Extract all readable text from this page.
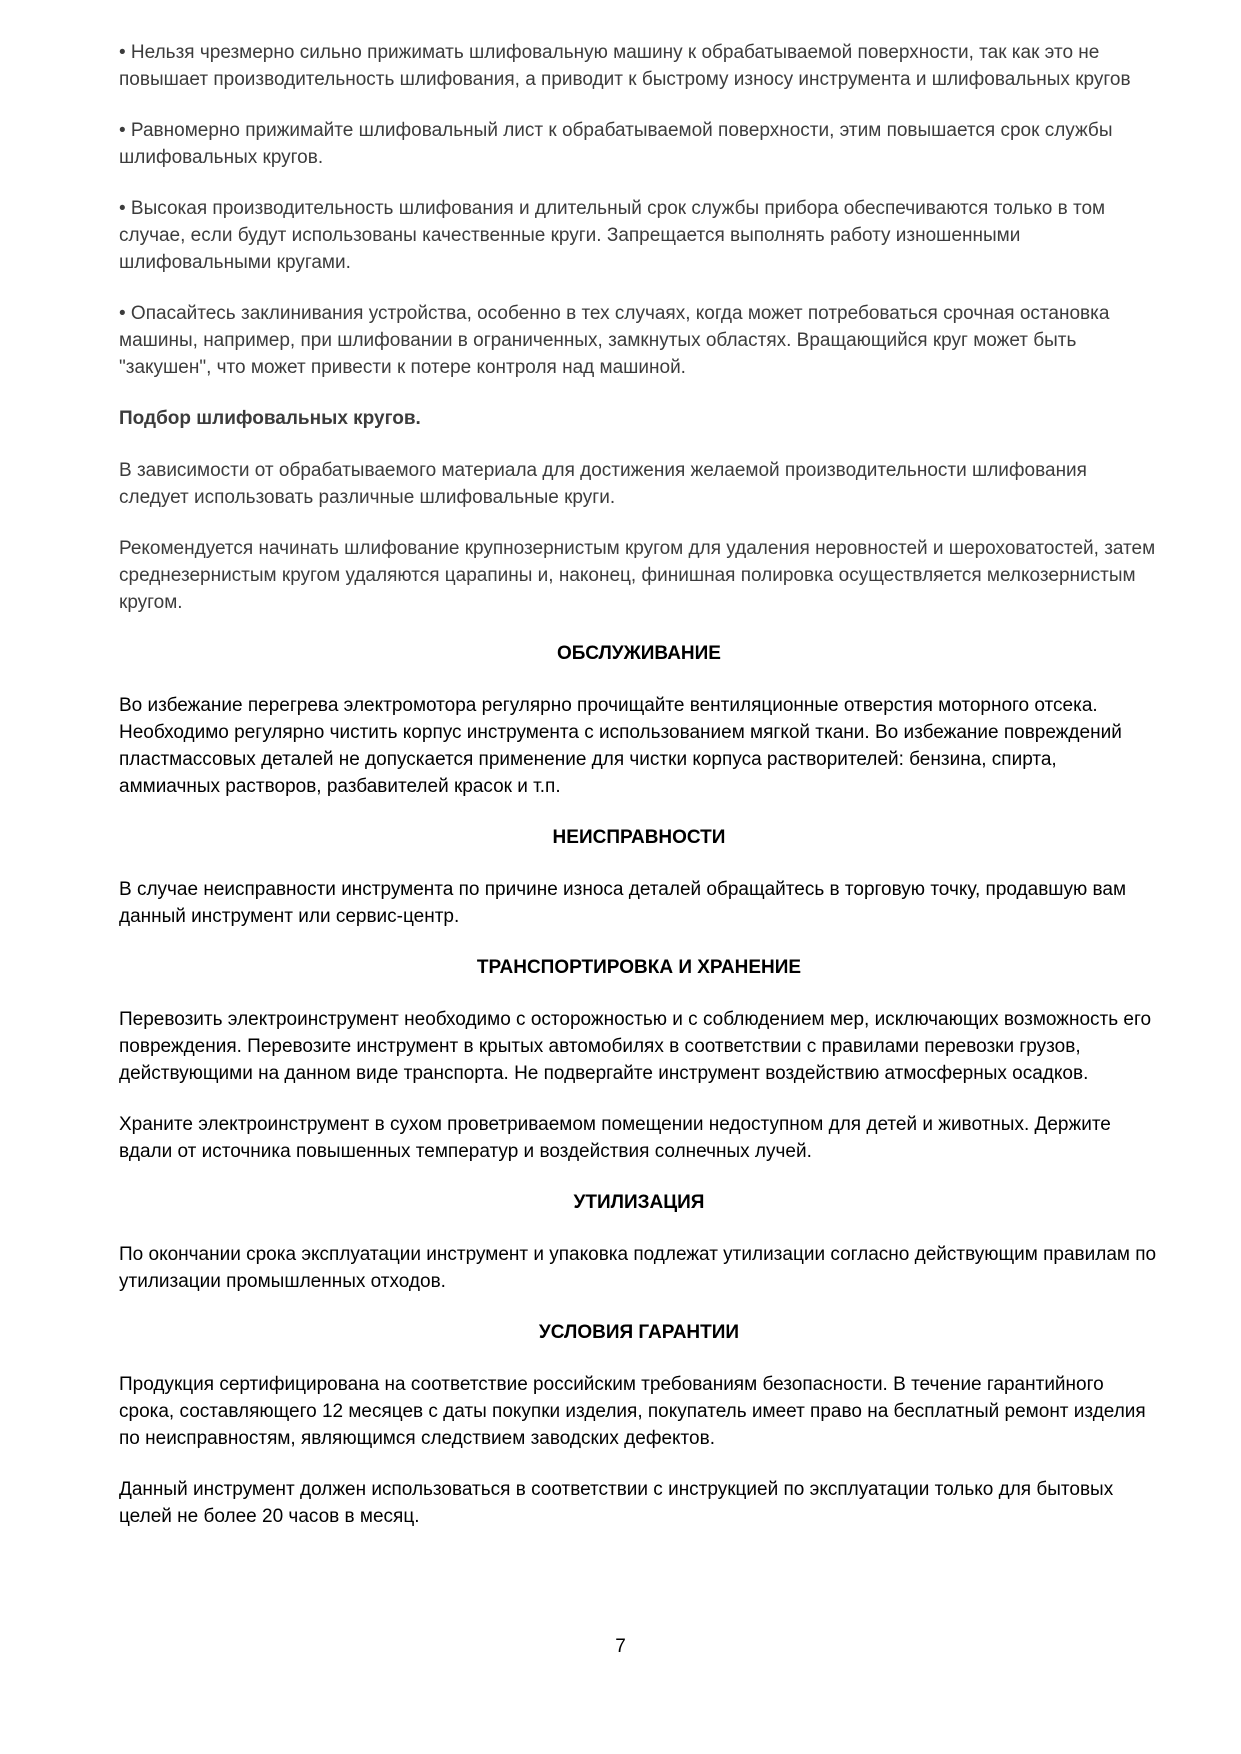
• Нельзя чрезмерно сильно прижимать шлифовальную машину к обрабатываемой поверхности, так как это не повышает производительность шлифования, а приводит к быстрому износу инструмента и шлифовальных кругов

• Равномерно прижимайте шлифовальный лист к обрабатываемой поверхности, этим повышается срок службы шлифовальных кругов.

• Высокая производительность шлифования и длительный срок службы прибора обеспечиваются только в том случае, если будут использованы качественные круги. Запрещается выполнять работу изношенными шлифовальными кругами.

• Опасайтесь заклинивания устройства, особенно в тех случаях, когда может потребоваться срочная остановка машины, например, при шлифовании в ограниченных, замкнутых областях. Вращающийся круг может быть "закушен", что может привести к потере контроля над машиной.

Подбор шлифовальных кругов.

В зависимости от обрабатываемого материала для достижения желаемой производительности шлифования следует использовать различные шлифовальные круги.

Рекомендуется начинать шлифование крупнозернистым кругом для удаления неровностей и шероховатостей, затем среднезернистым кругом удаляются царапины и, наконец, финишная полировка осуществляется мелкозернистым кругом.

ОБСЛУЖИВАНИЕ

Во избежание перегрева электромотора регулярно прочищайте вентиляционные отверстия моторного отсека. Необходимо регулярно чистить корпус инструмента с использованием мягкой ткани. Во избежание повреждений пластмассовых деталей не допускается применение для чистки корпуса растворителей: бензина, спирта, аммиачных растворов, разбавителей красок и т.п.

НЕИСПРАВНОСТИ

В случае неисправности инструмента по причине износа деталей обращайтесь в торговую точку, продавшую вам данный инструмент или сервис-центр.

ТРАНСПОРТИРОВКА И ХРАНЕНИЕ

Перевозить электроинструмент необходимо с осторожностью и с соблюдением мер, исключающих возможность его повреждения. Перевозите инструмент в крытых автомобилях в соответствии с правилами перевозки грузов, действующими на данном виде транспорта. Не подвергайте инструмент воздействию атмосферных осадков.

Храните электроинструмент в сухом проветриваемом помещении недоступном для детей и животных. Держите вдали от источника повышенных температур и воздействия солнечных лучей.

УТИЛИЗАЦИЯ

По окончании срока эксплуатации инструмент и упаковка подлежат утилизации согласно действующим правилам по утилизации промышленных отходов.

УСЛОВИЯ ГАРАНТИИ

Продукция сертифицирована на соответствие российским требованиям безопасности. В течение гарантийного срока, составляющего 12 месяцев с даты покупки изделия, покупатель имеет право на бесплатный ремонт изделия по неисправностям, являющимся следствием заводских дефектов.

Данный инструмент должен использоваться в соответствии с инструкцией по эксплуатации только для бытовых целей не более 20 часов в месяц.

7
